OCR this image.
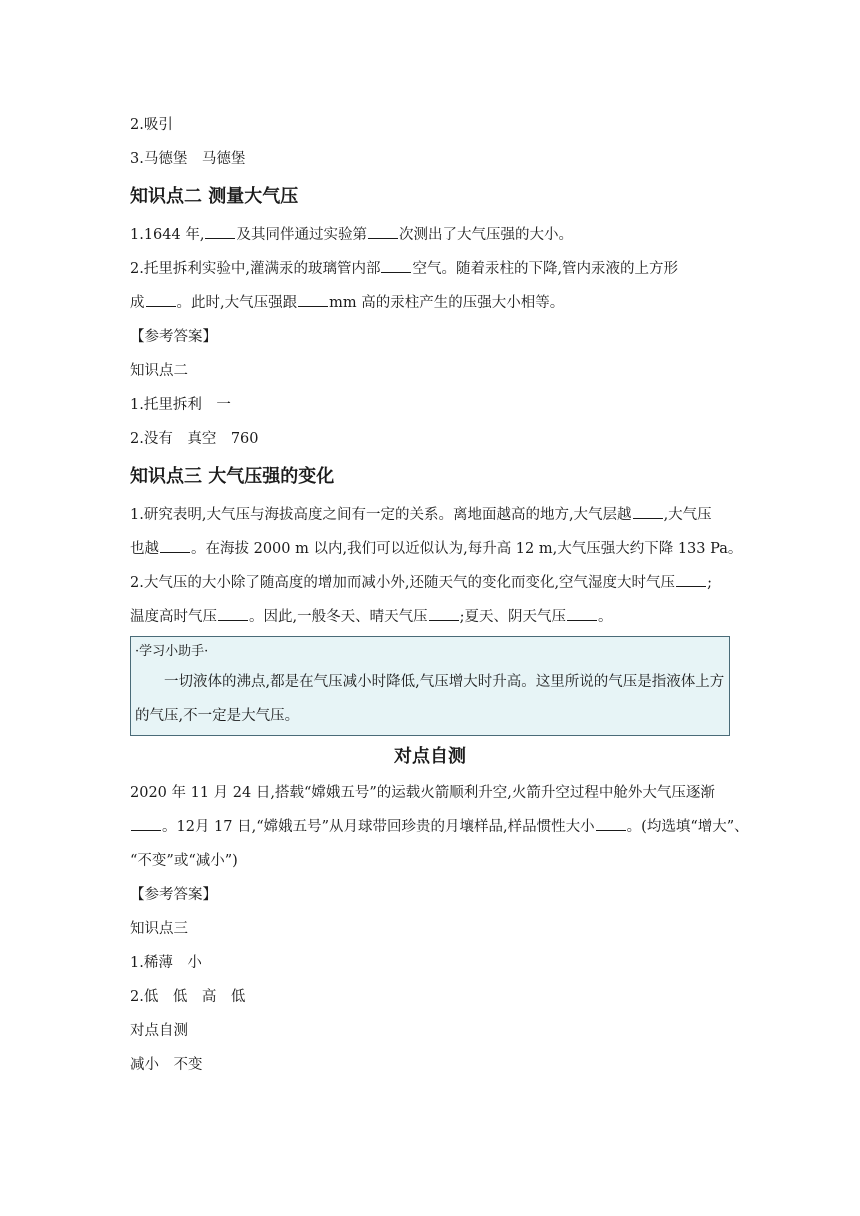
2.吸引
3.马德堡　马德堡
知识点二 测量大气压
1.1644 年, 及其同伴通过实验第 次测出了大气压强的大小。
2.托里拆利实验中,灌满汞的玻璃管内部 空气。随着汞柱的下降,管内汞液的上方形
成 。此时,大气压强跟 mm 高的汞柱产生的压强大小相等。
【参考答案】
知识点二
1.托里拆利　一
2.没有　真空　760
知识点三 大气压强的变化
1.研究表明,大气压与海拔高度之间有一定的关系。离地面越高的地方,大气层越 ,大气压
也越 。在海拔 2000 m 以内,我们可以近似认为,每升高 12 m,大气压强大约下降 133 Pa。
2.大气压的大小除了随高度的增加而减小外,还随天气的变化而变化,空气湿度大时气压 ;
温度高时气压 。因此,一般冬天、晴天气压 ;夏天、阴天气压 。
·学习小助手·
一切液体的沸点,都是在气压减小时降低,气压增大时升高。这里所说的气压是指液体上方的气压,不一定是大气压。
对点自测
2020 年 11 月 24 日,搭载“嫦娥五号”的运载火箭顺利升空,火箭升空过程中舱外大气压逐渐
。12月 17 日,“嫦娥五号”从月球带回珍贵的月壤样品,样品惯性大小 。(均选填“增大”、
“不变”或“减小”)
【参考答案】
知识点三
1.稀薄　小
2.低　低　高　低
对点自测
减小　不变
